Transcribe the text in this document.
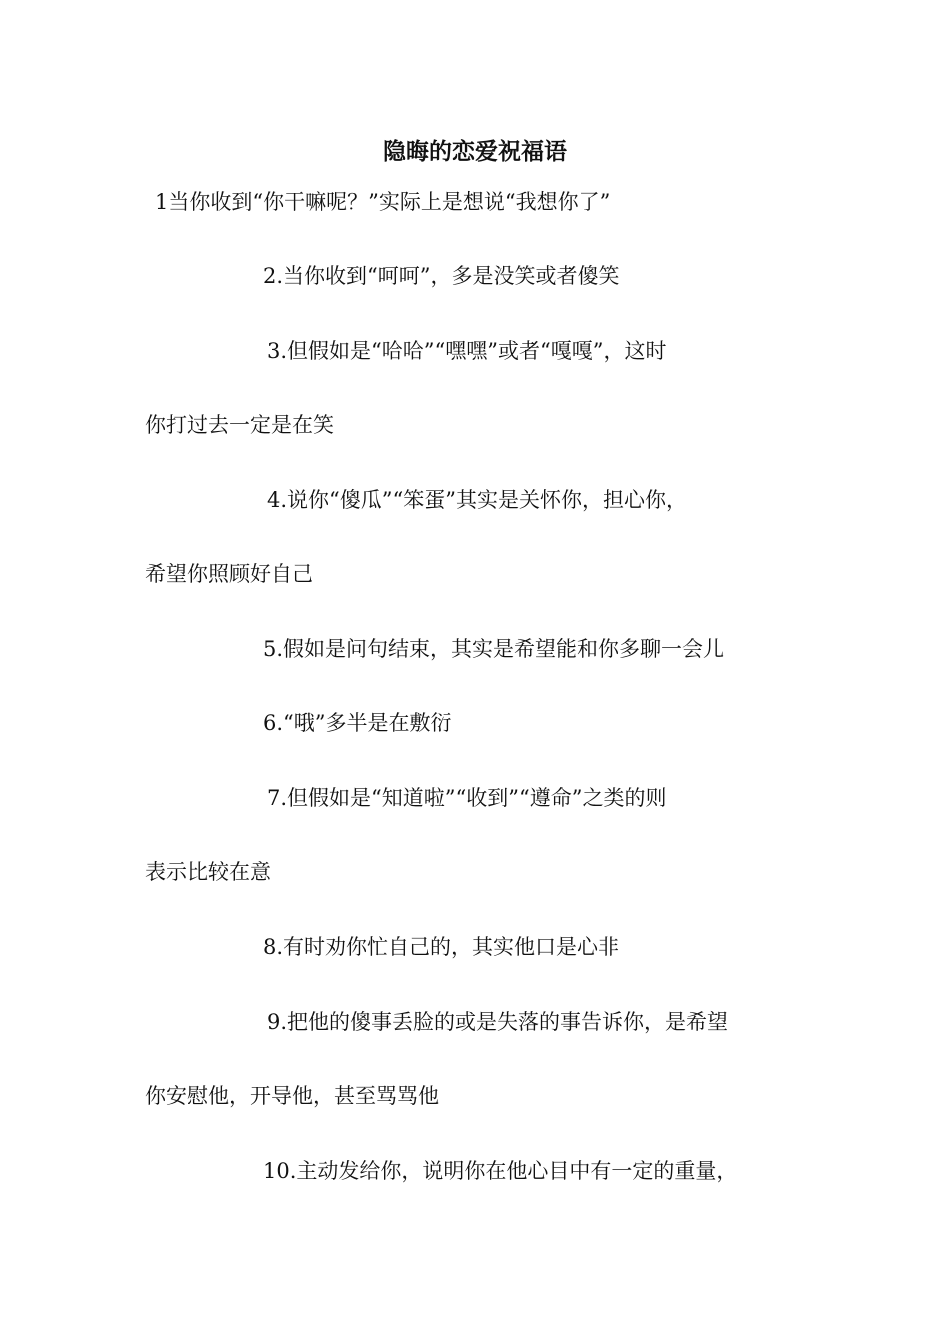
隐晦的恋爱祝福语
1当你收到“你干嘛呢？”实际上是想说“我想你了”
2.当你收到“呵呵”，多是没笑或者傻笑
3.但假如是“哈哈”“嘿嘿”或者“嘎嘎”，这时
你打过去一定是在笑
4.说你“傻瓜”“笨蛋”其实是关怀你，担心你，
希望你照顾好自己
5.假如是问句结束，其实是希望能和你多聊一会儿
6.“哦”多半是在敷衍
7.但假如是“知道啦”“收到”“遵命”之类的则
表示比较在意
8.有时劝你忙自己的，其实他口是心非
9.把他的傻事丢脸的或是失落的事告诉你，是希望
你安慰他，开导他，甚至骂骂他
10.主动发给你，说明你在他心目中有一定的重量，
